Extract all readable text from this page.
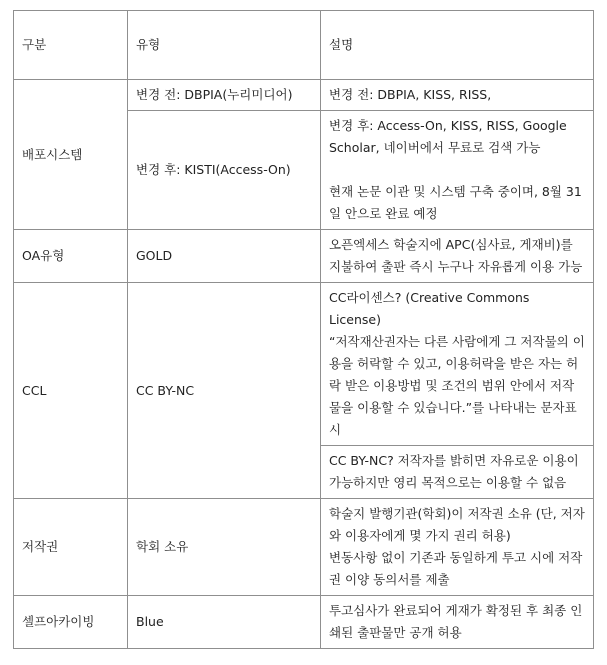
구분	유형	설명
배포시스템	변경 전: DBPIA(누리미디어)	변경 전: DBPIA, KISS, RISS,
	변경 후: KISTI(Access-On)	변경 후: Access-On, KISS, RISS, Google Scholar, 네이버에서 무료로 검색 가능
현재 논문 이관 및 시스템 구축 중이며, 8월 31일 안으로 완료 예정

OA유형	GOLD	오픈엑세스 학술지에 APC(심사료, 게재비)를 지불하여 출판 즉시 누구나 자유롭게 이용 가능
CCL	CC BY-NC	CC라이센스? (Creative Commons License)
“저작재산권자는 다른 사람에게 그 저작물의 이용을 허락할 수 있고, 이용허락을 받은 자는 허락 받은 이용방법 및 조건의 범위 안에서 저작물을 이용할 수 있습니다.”를 나타내는 문자표시

		CC BY-NC? 저작자를 밝히면 자유로운 이용이 가능하지만 영리 목적으로는 이용할 수 없음
저작권	학회 소유	학술지 발행기관(학회)이 저작권 소유 (단, 저자와 이용자에게 몇 가지 권리 허용)
변동사항 없이 기존과 동일하게 투고 시에 저작권 이양 동의서를 제출

셀프아카이빙	Blue	투고심사가 완료되어 게재가 확정된 후 최종 인쇄된 출판물만 공개 허용
